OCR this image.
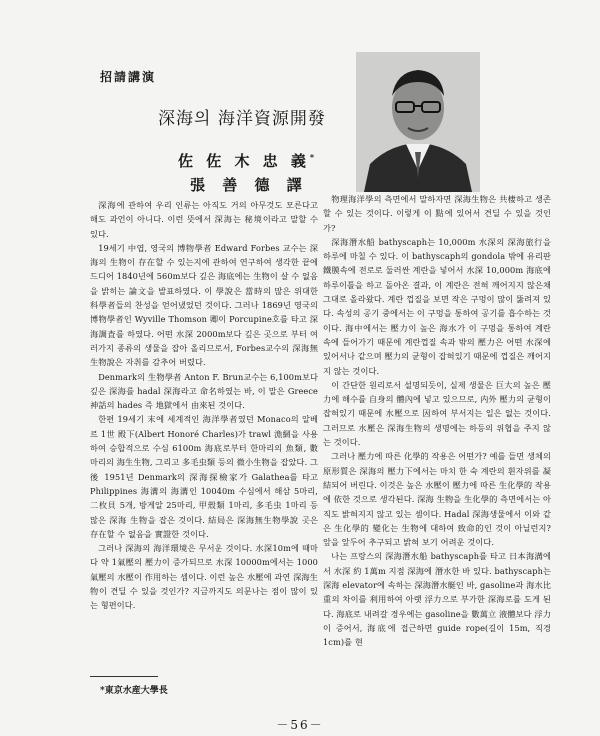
招請講演
深海의 海洋資源開發
佐 佐 木 忠 義*
張 善 德 譯

深海에 관하여 우리 인류는 아직도 거의 아무것도 모른다고 해도 과언이 아니다. 이런 뜻에서 深海는 秘境이라고 말할 수 있다.

19세기 中엽, 영국의 博物學者 Edward Forbes 교수는 深海의 生物이 存在할 수 있는지에 관하여 연구하여 생각한 끝에 드디어 1840년에 560m보다 깊은 海底에는 生物이 살 수 없음을 밝히는 論文을 발표하였다. 이 學說은 當時의 많은 위대한 科學者들의 찬성을 얻어냈었던 것이다. 그러나 1869년 영국의 博物學者인 Wyville Thomson 卿이 Porcupine호를 타고 深海調査를 하였다. 어떤 水深 2000m보다 깊은 곳으로 부터 여러가지 종류의 생물을 잡아 올리므로서, Forbes교수의 深海無生物說은 자취를 감추어 버렸다.

Denmark의 生物學者 Anton F. Brun교수는 6,100m보다 깊은 深海를 hadal 深海라고 命名하였는 바, 이 말은 Greece 神話의 hades 즉 地獄에서 由來된 것이다.

한편 19세기 末에 세계적인 海洋學者였던 Monaco의 알베르 1世 殿下(Albert Honoré Charles)가 trawl 漁網을 사용하여 승합적으로 수심 6100m 海底로부터 한마리의 魚類, 數마리의 海生生物, 그리고 多毛虫類 등의 微小生物을 잡았다. 그後 1951년 Denmark의 深海探檢家가 Galathea를 타고 Philippines 海溝의 海溝인 10040m 수심에서 해삼 5마리, 二枚貝 5개, 방게알 25마리, 甲殼類 1마리, 多毛虫 1마리 등 많은 深海 生物을 잡은 것이다. 結局은 深海無生物學說 곳은 存在할 수 없음을 實證한 것이다.

그러나 深海의 海洋環境은 무서운 것이다. 水深10m에 때마다 약 1氣壓의 壓力이 증가되므로 水深 10000m에서는 1000 氣壓의 水壓이 作用하는 셈이다. 이런 높은 水壓에 과연 深海生物이 견딜 수 있을 것인가? 지금까지도 의문나는 점이 많이 있는 형편이다.

物理海洋學의 측면에서 말하자면 深海生物은 共棲하고 생존할 수 있는 것이다. 이렇게 이 點에 있어서 견딜 수 있을 것인가?

深海潛水船 bathyscaph는 10,000m 水深의 深海旅行을 하루에 마칠 수 있다. 이 bathyscaph의 gondola 밖에 유리판 鐵膜속에 전로로 둘러싼 계란을 넣어서 水深 10,000m 海底에 하루이틀을 하고 돌아온 결과, 이 계란은 전혀 깨어지지 않은채 그대로 올라왔다. 계란 껍질을 보면 작은 구멍이 많이 뚫려져 있다. 속성의 공기 중에서는 이 구멍을 통하여 공기를 흡수하는 것이다. 海中에서는 壓力이 높은 海水가 이 구멍을 통하여 계란 속에 들어가기 때문에 계란껍질 속과 밖의 壓力은 어떤 水深에 있어서나 같으며 壓力의 균형이 잡혀있기 때문에 껍질은 깨어지지 않는 것이다.

이 간단한 원리로서 설명되듯이, 실제 생물은 巨大의 높은 壓力에 해수를 自身의 體內에 넣고 있으므로, 内外 壓力의 균형이 잡혀있기 때문에 水壓으로 因하여 부서지는 일은 없는 것이다. 그러므로 水壓은 深海生物의 생명에는 하등의 위협을 주지 않는 것이다.

그러나 壓力에 따른 化學的 작용은 어떤가? 예를 들면 생체의 原形質은 深海의 壓力下에서는 마치 한 숙 계란의 흰자위를 凝結되어 버린다. 이것은 높은 水壓이 壓力에 따른 生化學的 작용에 依한 것으로 생각된다. 深海 生物을 生化學的 측면에서는 아직도 밝혀지지 않고 있는 셈이다. Hadal 深海생물에서 이와 같은 生化學的 變化는 生物에 대하여 致命的인 것이 아닐런지? 앞을 앞두어 추구되고 밝혀 보기 어려운 것이다.

나는 프랑스의 深海潛水船 bathyscaph를 타고 日本海溝에서 水深 約 1萬m 지점 深海에 潛水한 바 있다. bathyscaph는 深海 elevator에 속하는 深海潛水艇인 바, gasoline과 海水比重의 차이를 利用하여 아랫 浮力으로 부가한 深海로를 도게 된다. 海底로 내려갈 경우에는 gasoline을 數萬立 液體보다 浮力이 증어서, 海底에 접근하면 guide rope(길이 15m, 직경 1cm)를 현

*東京水産大學長
－56－
